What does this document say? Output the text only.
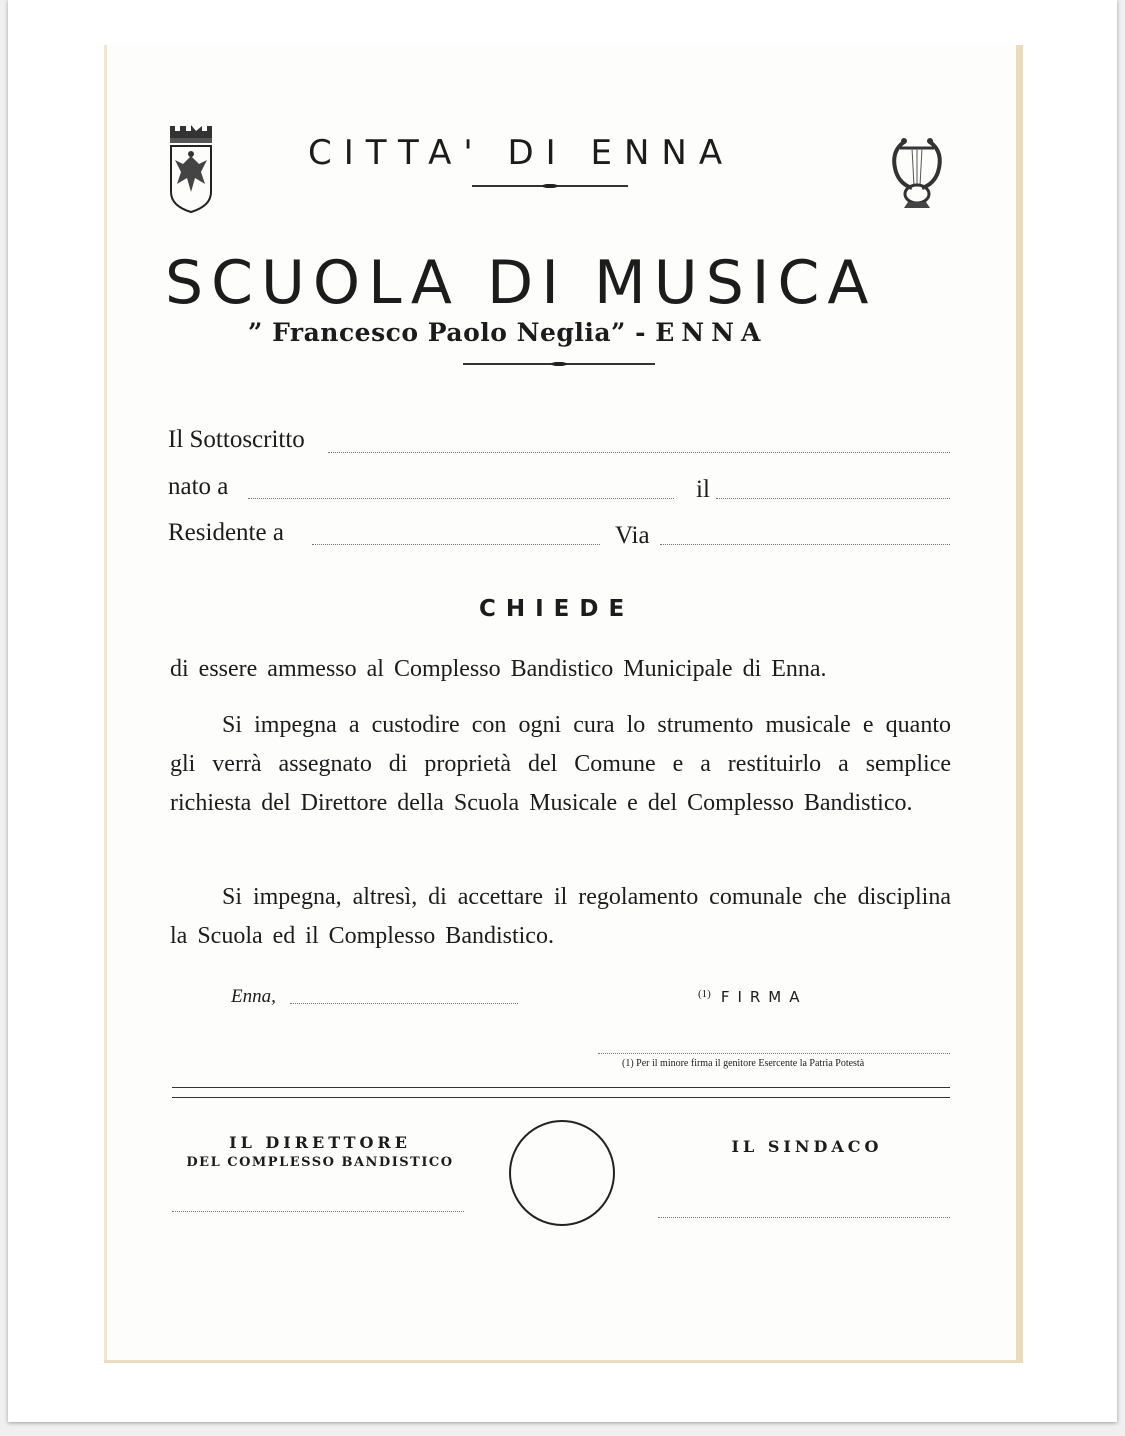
CITTA' DI ENNA
SCUOLA DI MUSICA
” Francesco Paolo Neglia” - ENNA
Il Sottoscritto
nato a	il
Residente a	Via
CHIEDE
di essere ammesso al Complesso Bandistico Municipale di Enna.
Si impegna a custodire con ogni cura lo strumento musicale e quanto gli verrà assegnato di proprietà del Comune e a restituirlo a semplice richiesta del Direttore della Scuola Musicale e del Complesso Bandistico.
Si impegna, altresì, di accettare il regolamento comunale che disciplina la Scuola ed il Complesso Bandistico.
Enna,	$^{(1)}$ FIRMA
(1) Per il minore firma il genitore Esercente la Patria Potestà
IL DIRETTORE
DEL COMPLESSO BANDISTICO
IL SINDACO
